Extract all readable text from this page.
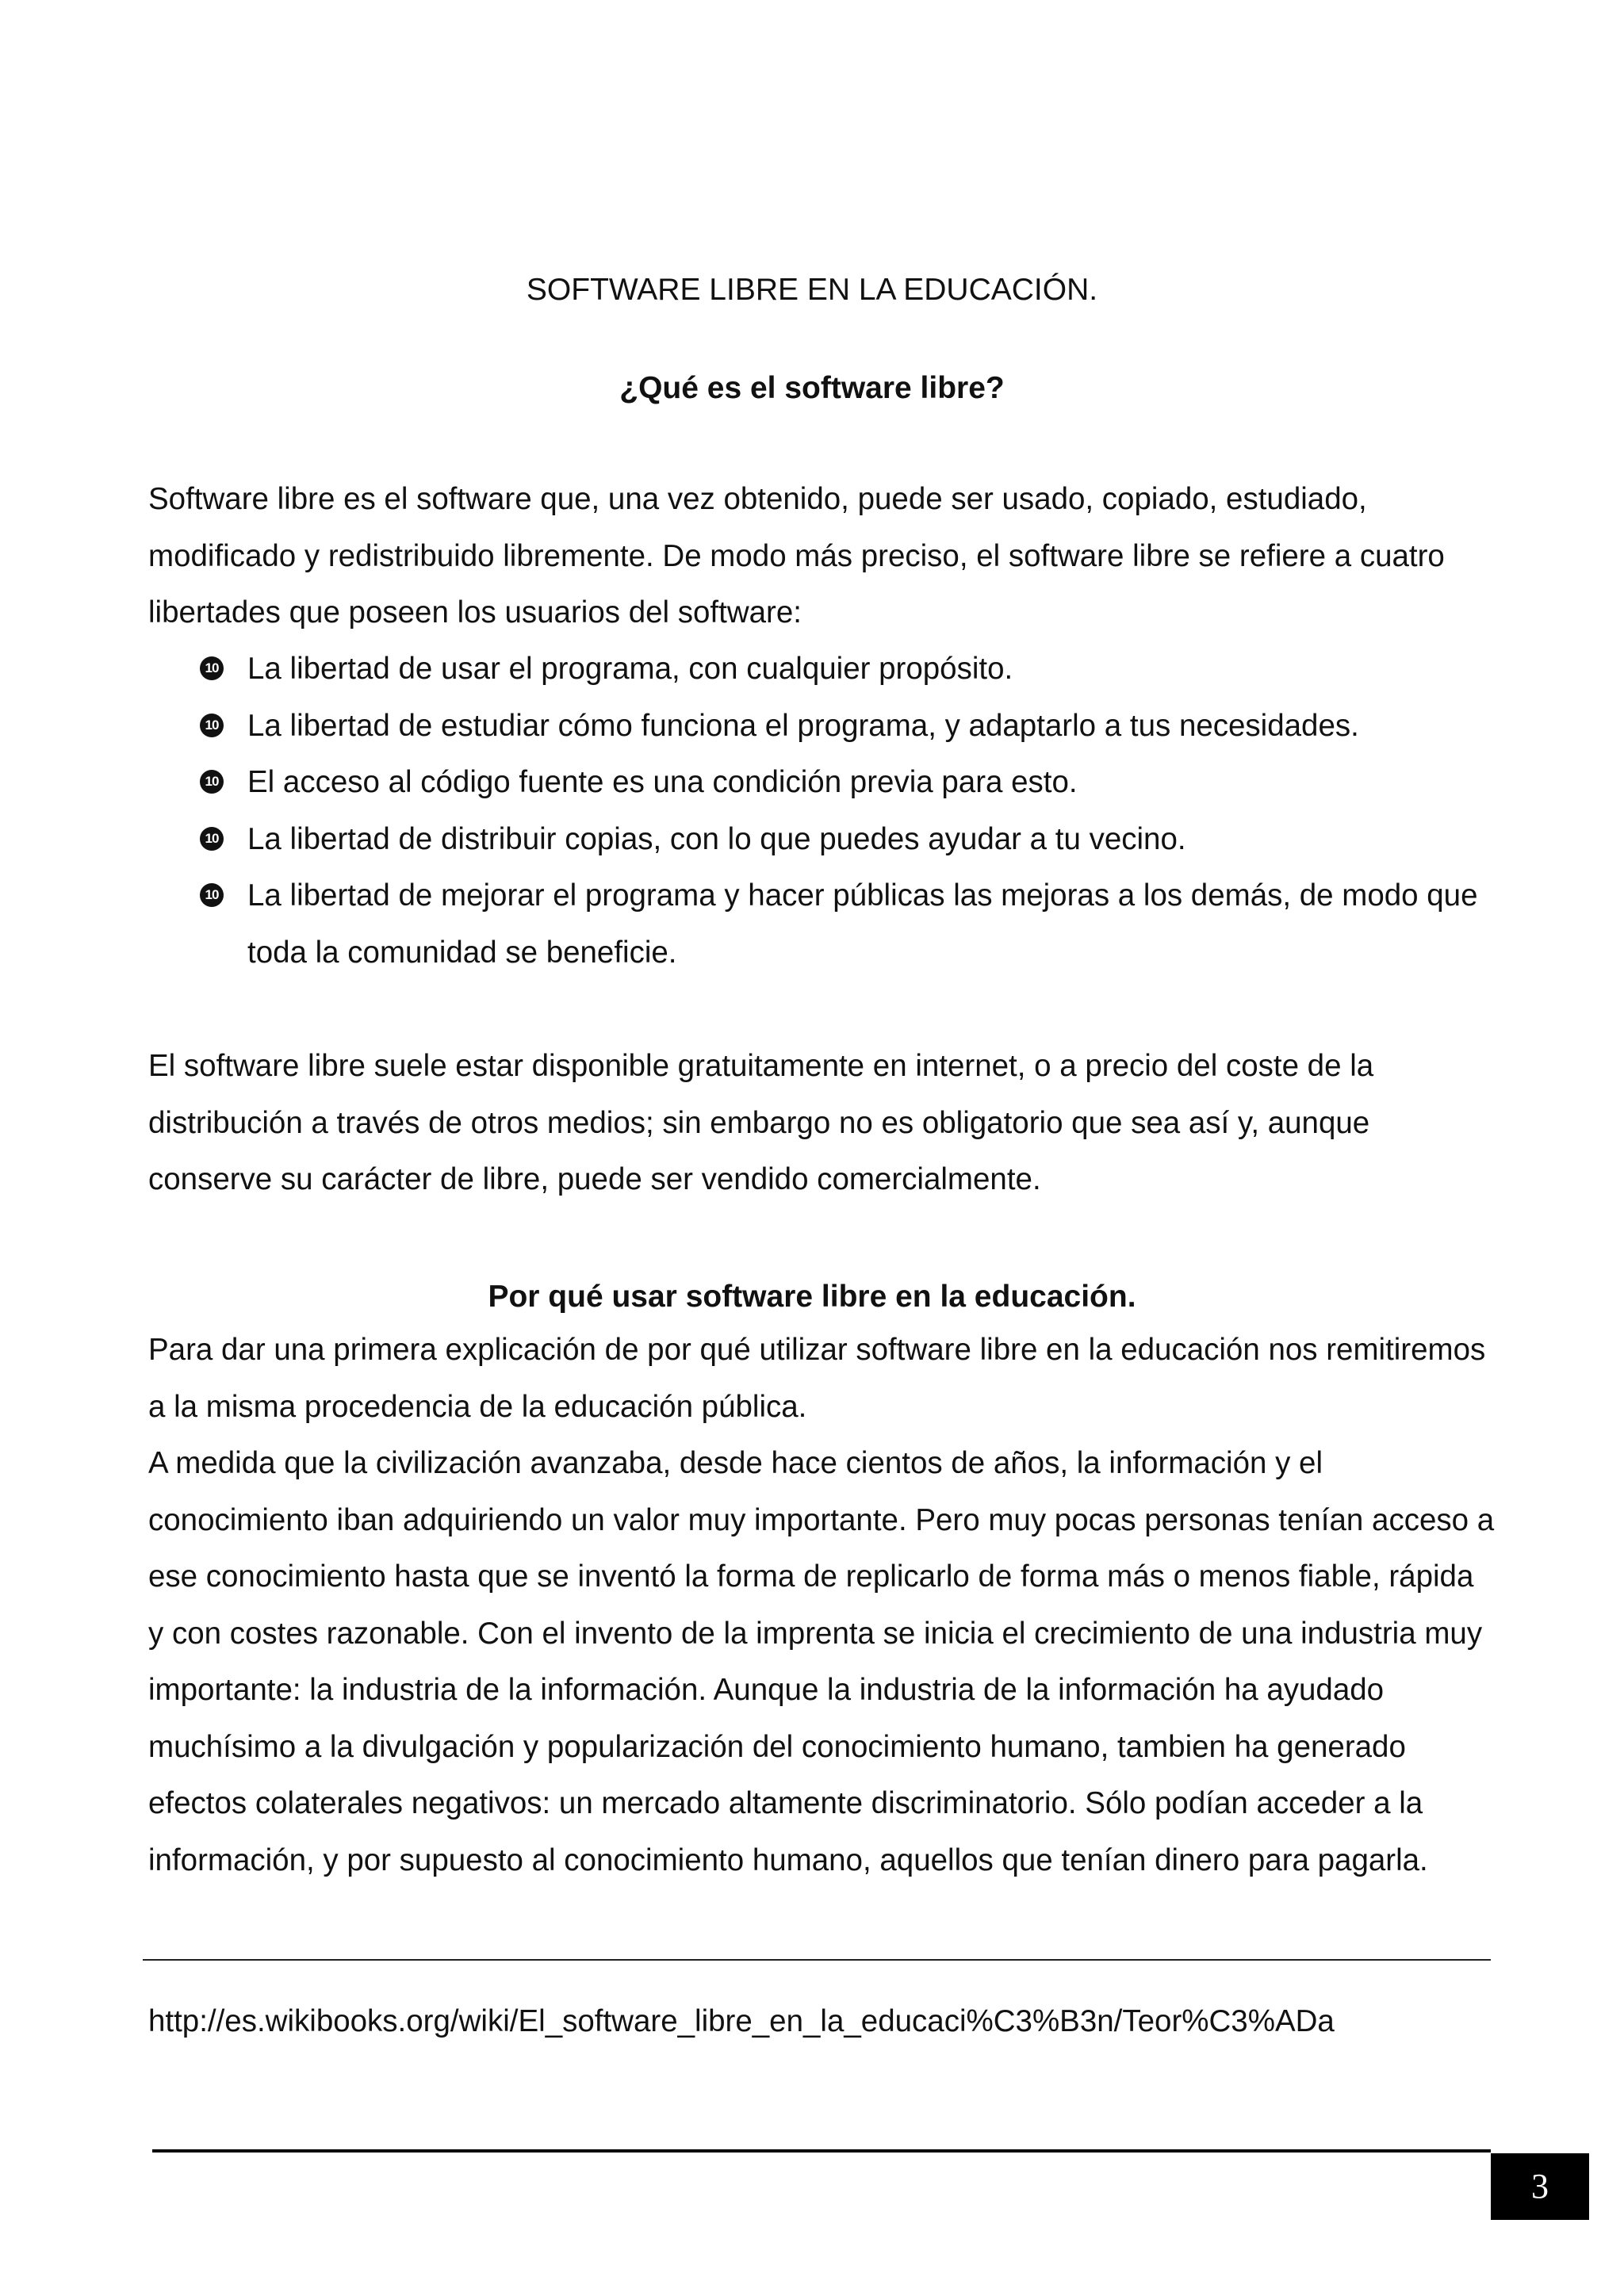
SOFTWARE LIBRE EN LA EDUCACIÓN.
¿Qué es el software libre?

Software libre es el software que, una vez obtenido, puede ser usado, copiado, estudiado, modificado y redistribuido libremente. De modo más preciso, el software libre se refiere a cuatro libertades que poseen los usuarios del software:

10 La libertad de usar el programa, con cualquier propósito.
10 La libertad de estudiar cómo funciona el programa, y adaptarlo a tus necesidades.
10 El acceso al código fuente es una condición previa para esto.
10 La libertad de distribuir copias, con lo que puedes ayudar a tu vecino.
10 La libertad de mejorar el programa y hacer públicas las mejoras a los demás, de modo que toda la comunidad se beneficie.

El software libre suele estar disponible gratuitamente en internet, o a precio del coste de la distribución a través de otros medios; sin embargo no es obligatorio que sea así y, aunque conserve su carácter de libre, puede ser vendido comercialmente.

Por qué usar software libre en la educación.

Para dar una primera explicación de por qué utilizar software libre en la educación nos remitiremos a la misma procedencia de la educación pública.

A medida que la civilización avanzaba, desde hace cientos de años, la información y el conocimiento iban adquiriendo un valor muy importante. Pero muy pocas personas tenían acceso a ese conocimiento hasta que se inventó la forma de replicarlo de forma más o menos fiable, rápida y con costes razonable. Con el invento de la imprenta se inicia el crecimiento de una industria muy importante: la industria de la información. Aunque la industria de la información ha ayudado muchísimo a la divulgación y popularización del conocimiento humano, tambien ha generado efectos colaterales negativos: un mercado altamente discriminatorio. Sólo podían acceder a la información, y por supuesto al conocimiento humano, aquellos que tenían dinero para pagarla.

http://es.wikibooks.org/wiki/El_software_libre_en_la_educaci%C3%B3n/Teor%C3%ADa

3
